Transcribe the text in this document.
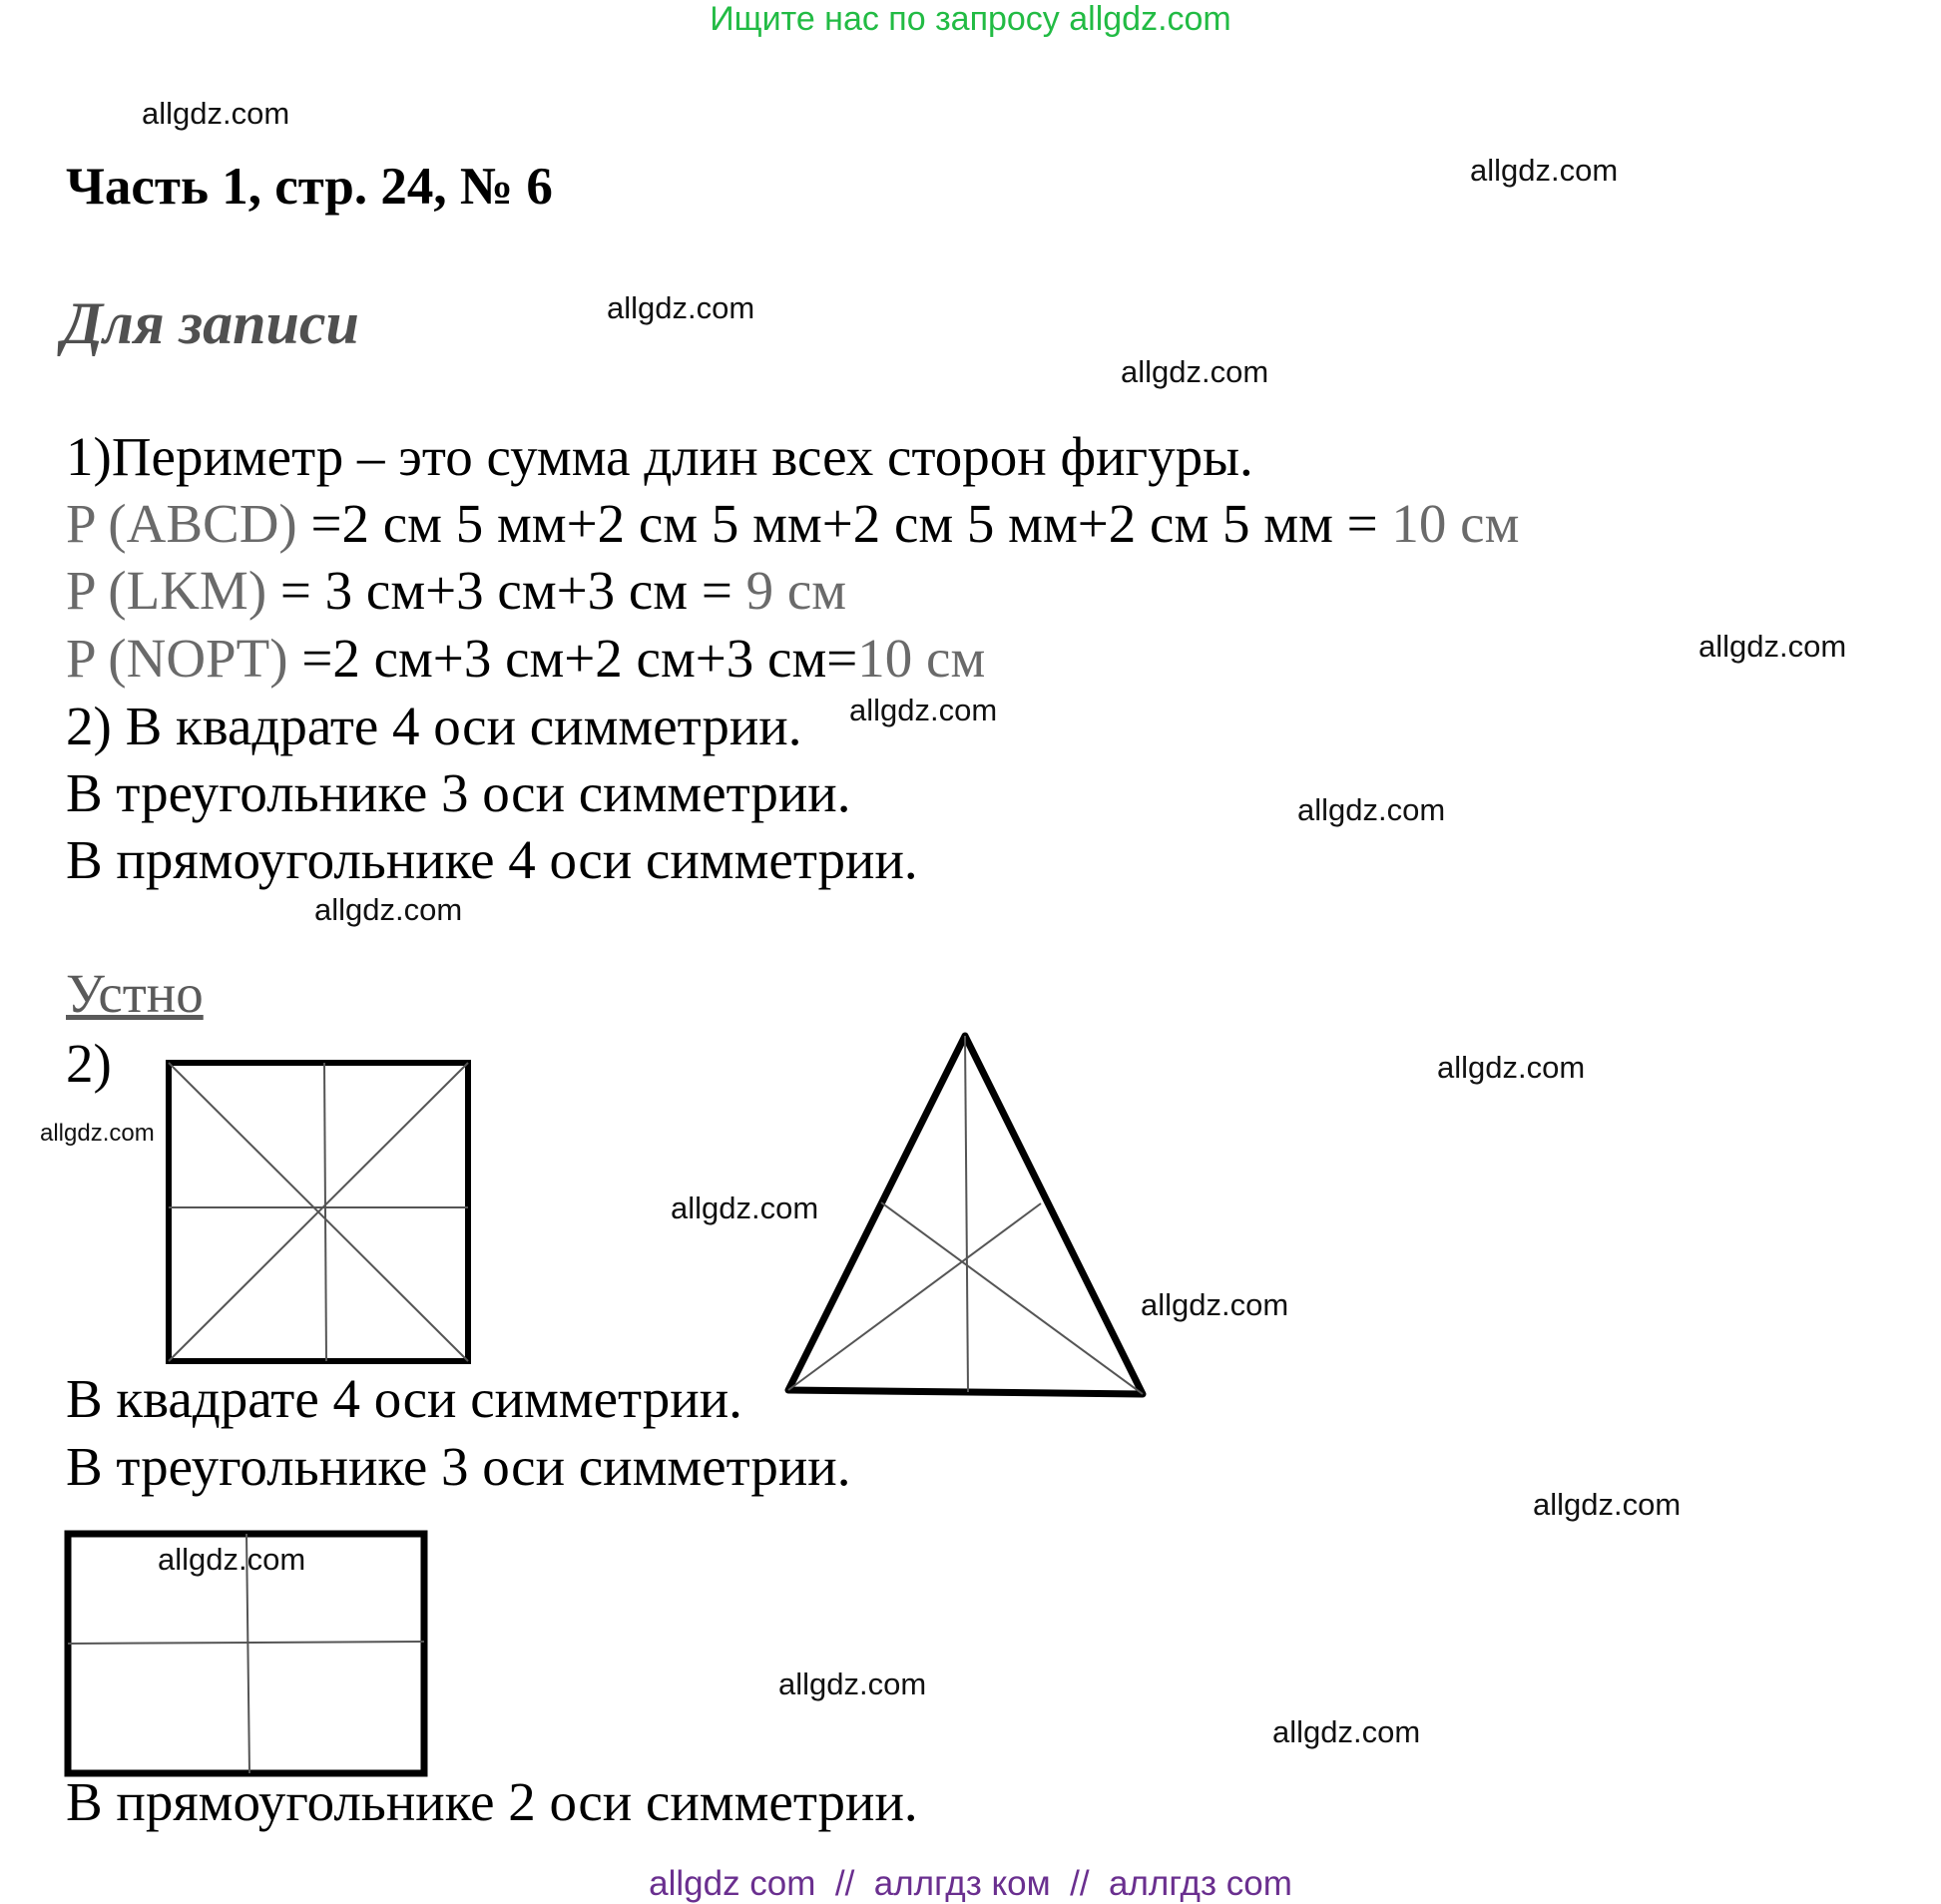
Ищите нас по запросу allgdz.com
allgdz.com
allgdz.com
allgdz.com
allgdz.com
allgdz.com
allgdz.com
allgdz.com
allgdz.com
allgdz.com
allgdz.com
allgdz.com
allgdz.com
allgdz.com
allgdz.com
allgdz.com
Часть 1, стр. 24, № 6
Для записи
1)Периметр – это сумма длин всех сторон фигуры.
P (ABCD) =2 см 5 мм+2 см 5 мм+2 см 5 мм+2 см 5 мм = 10 см
P (LKM) = 3 см+3 см+3 см = 9 см
P (NOPT) =2 см+3 см+2 см+3 см=10 см
2) В квадрате 4 оси симметрии.
В треугольнике 3 оси симметрии.
В прямоугольнике 4 оси симметрии.
Устно
2)
allgdz.com
В квадрате 4 оси симметрии.
В треугольнике 3 оси симметрии.
В прямоугольнике 2 оси симметрии.
allgdz com  //  аллгдз ком  //  аллгдз com
